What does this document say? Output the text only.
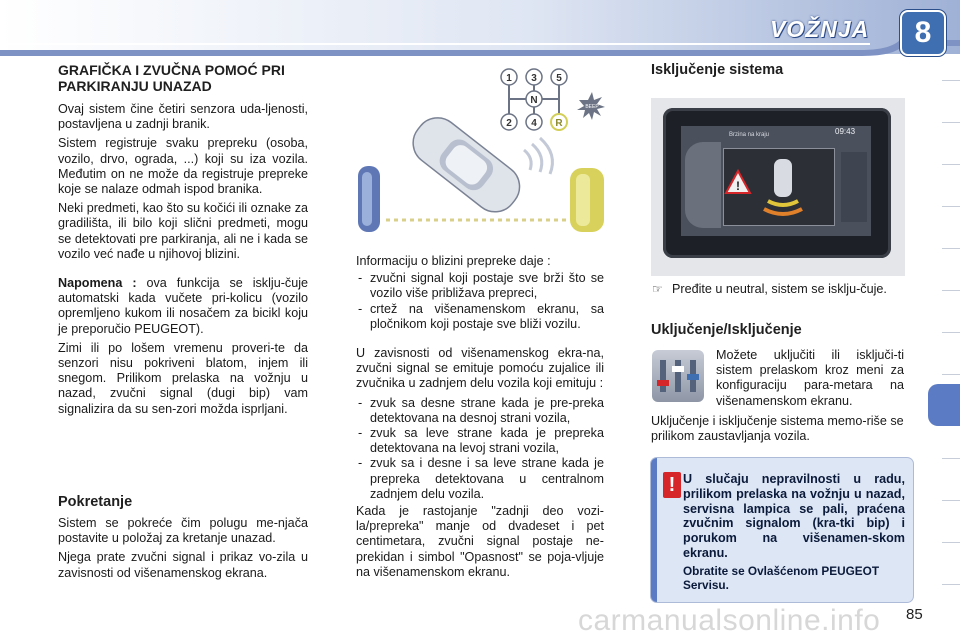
VOŽNJA 8
GRAFIČKA I ZVUČNA POMOĆ PRI PARKIRANJU UNAZAD

Ovaj sistem čine četiri senzora uda-ljenosti, postavljena u zadnji branik.

Sistem registruje svaku prepreku (osoba, vozilo, drvo, ograda, ...) koji su iza vozila. Međutim on ne može da registruje prepreke koje se nalaze odmah ispod branika.

Neki predmeti, kao što su kočići ili oznake za gradilišta, ili bilo koji slični predmeti, mogu se detektovati pre parkiranja, ali ne i kada se vozilo već nađe u njihovoj blizini.

Napomena : ova funkcija se isklju-čuje automatski kada vučete pri-kolicu (vozilo opremljeno kukom ili nosačem za bicikl koju je preporučio PEUGEOT).

Zimi ili po lošem vremenu proveri-te da senzori nisu pokriveni blatom, injem ili snegom. Prilikom prelaska na vožnju u nazad, zvučni signal (dugi bip) vam signalizira da su sen-zori možda isprljani.

Pokretanje

Sistem se pokreće čim polugu me-njača postavite u položaj za kretanje unazad.

Njega prate zvučni signal i prikaz vo-zila u zavisnosti od višenamenskog ekrana.

1 3 5
N
2 4 R
BEEP

Informaciju o blizini prepreke daje :

- zvučni signal koji postaje sve brži što se vozilo više približava prepreci,
- crtež na višenamenskom ekranu, sa pločnikom koji postaje sve bliži vozilu.

U zavisnosti od višenamenskog ekra-na, zvučni signal se emituje pomoću zujalice ili zvučnika u zadnjem delu vozila koji emituju :

- zvuk sa desne strane kada je pre-preka detektovana na desnoj strani vozila,
- zvuk sa leve strane kada je prepreka detektovana na levoj strani vozila,
- zvuk sa i desne i sa leve strane kada je prepreka detektovana u centralnom zadnjem delu vozila.

Kada je rastojanje "zadnji deo vozi-la/prepreka" manje od dvadeset i pet centimetara, zvučni signal postaje ne-prekidan i simbol "Opasnost" se poja-vljuje na višenamenskom ekranu.

Isključenje sistema
Brzina na kraju	09:43
!
☞ Pređite u neutral, sistem se isklju-čuje.

Uključenje/Isključenje

Možete uključiti ili isključi-ti sistem prelaskom kroz meni za konfiguraciju para-metara na višenamenskom ekranu.

Uključenje i isključenje sistema memo-riše se prilikom zaustavljanja vozila.

! U slučaju nepravilnosti u radu, prilikom prelaska na vožnju u nazad, servisna lampica se pali, praćena zvučnim signalom (kra-tki bip) i porukom na višenamen-skom ekranu.

Obratite se Ovlašćenom PEUGEOT Servisu.

85
carmanualsonline.info
